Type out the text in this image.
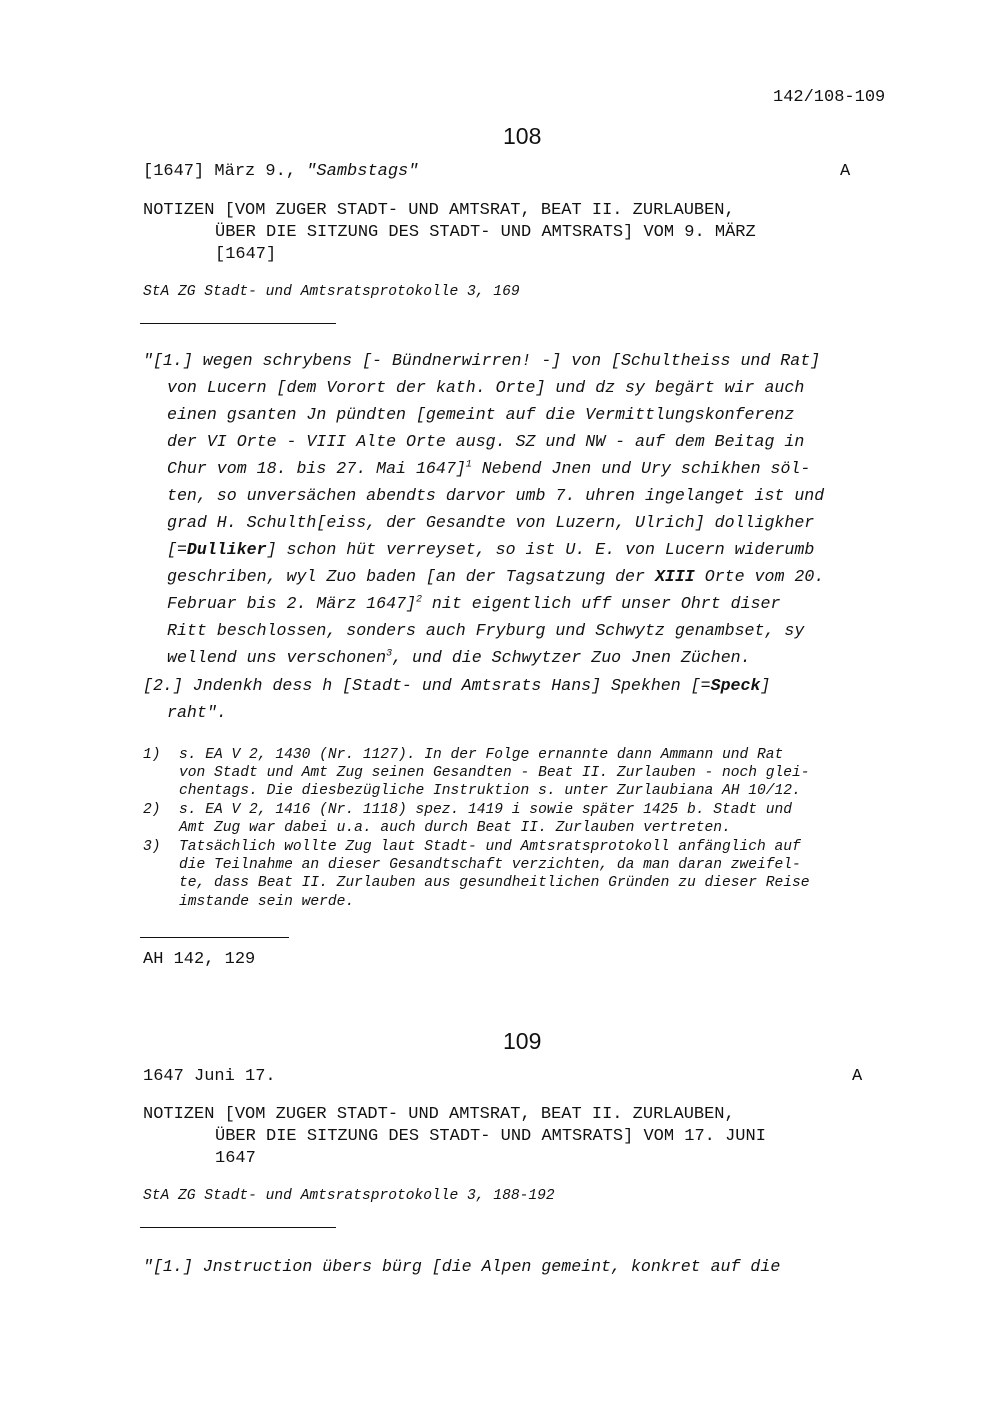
142/108-109
108
[1647] März 9., "Sambstags"	A
NOTIZEN [VOM ZUGER STADT- UND AMTSRAT, BEAT II. ZURLAUBEN,
ÜBER DIE SITZUNG DES STADT- UND AMTSRATS] VOM 9. MÄRZ
[1647]
StA ZG Stadt- und Amtsratsprotokolle 3, 169
"[1.] wegen schrybens [- Bündnerwirren! -] von [Schultheiss und Rat]
von Lucern [dem Vorort der kath. Orte] und dz sy begärt wir auch
einen gsanten Jn pündten [gemeint auf die Vermittlungskonferenz
der VI Orte - VIII Alte Orte ausg. SZ und NW - auf dem Beitag in
Chur vom 18. bis 27. Mai 1647]$^1$ Nebend Jnen und Ury schikhen söl-
ten, so unversächen abendts darvor umb 7. uhren ingelanget ist und
grad H. Schulth[eiss, der Gesandte von Luzern, Ulrich] dolligkher
[=Dulliker] schon hüt verreyset, so ist U. E. von Lucern widerumb
geschriben, wyl Zuo baden [an der Tagsatzung der XIII Orte vom 20.
Februar bis 2. März 1647]$^2$ nit eigentlich uff unser Ohrt diser
Ritt beschlossen, sonders auch Fryburg und Schwytz genambset, sy
wellend uns verschonen$^3$, und die Schwytzer Zuo Jnen Züchen.
[2.] Jndenkh dess h [Stadt- und Amtsrats Hans] Spekhen [=Speck]
raht".
1) s. EA V 2, 1430 (Nr. 1127). In der Folge ernannte dann Ammann und Rat
von Stadt und Amt Zug seinen Gesandten - Beat II. Zurlauben - noch glei-
chentags. Die diesbezügliche Instruktion s. unter Zurlaubiana AH 10/12.
2) s. EA V 2, 1416 (Nr. 1118) spez. 1419 i sowie später 1425 b. Stadt und
Amt Zug war dabei u.a. auch durch Beat II. Zurlauben vertreten.
3) Tatsächlich wollte Zug laut Stadt- und Amtsratsprotokoll anfänglich auf
die Teilnahme an dieser Gesandtschaft verzichten, da man daran zweifel-
te, dass Beat II. Zurlauben aus gesundheitlichen Gründen zu dieser Reise
imstande sein werde.
AH 142, 129
109
1647 Juni 17.	A
NOTIZEN [VOM ZUGER STADT- UND AMTSRAT, BEAT II. ZURLAUBEN,
ÜBER DIE SITZUNG DES STADT- UND AMTSRATS] VOM 17. JUNI
1647
StA ZG Stadt- und Amtsratsprotokolle 3, 188-192
"[1.] Jnstruction übers bürg [die Alpen gemeint, konkret auf die
